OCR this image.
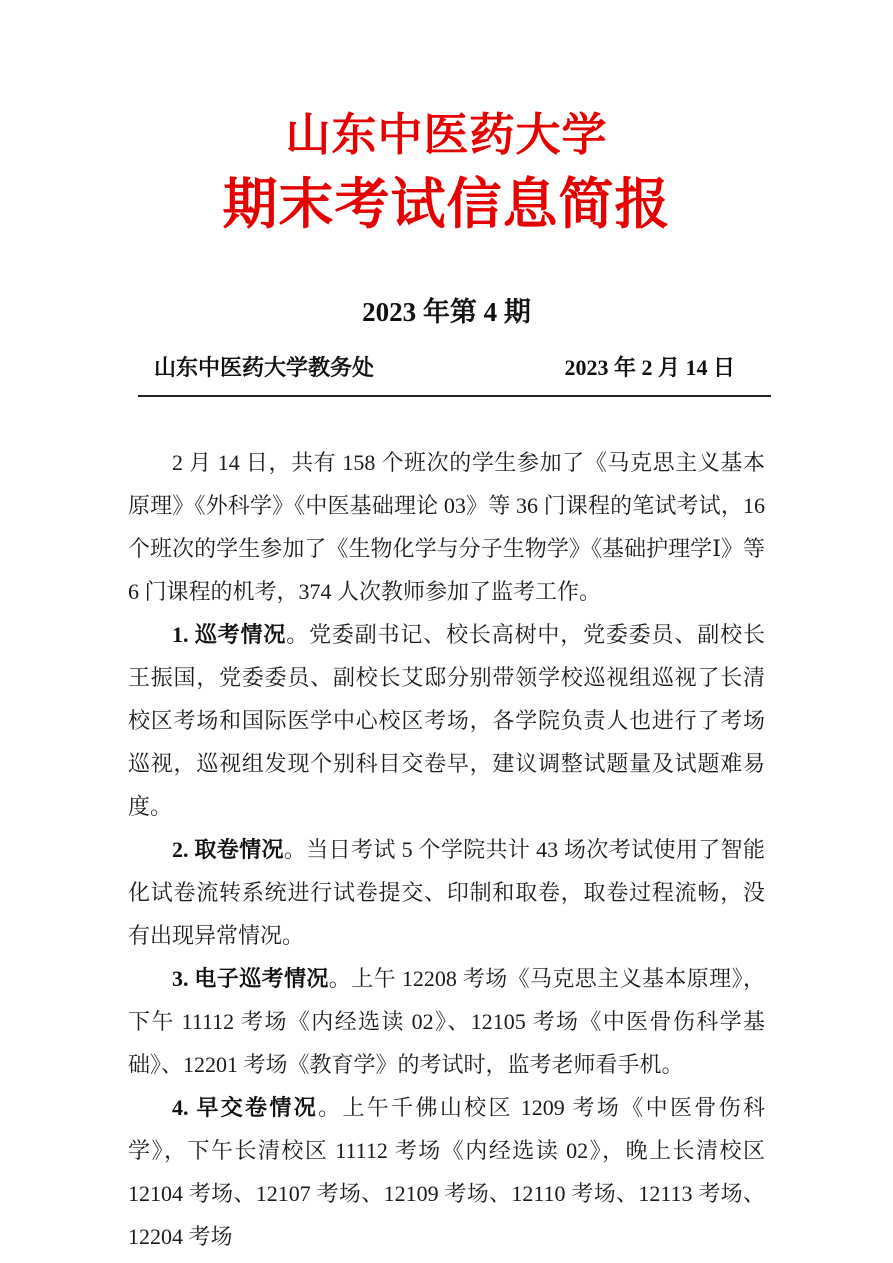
山东中医药大学
期末考试信息简报
2023 年第 4 期
山东中医药大学教务处	2023 年 2 月 14 日

2 月 14 日，共有 158 个班次的学生参加了《马克思主义基本原理》《外科学》《中医基础理论 03》等 36 门课程的笔试考试，16 个班次的学生参加了《生物化学与分子生物学》《基础护理学Ⅰ》等 6 门课程的机考，374 人次教师参加了监考工作。

1. 巡考情况。党委副书记、校长高树中，党委委员、副校长王振国，党委委员、副校长艾邸分别带领学校巡视组巡视了长清校区考场和国际医学中心校区考场，各学院负责人也进行了考场巡视，巡视组发现个别科目交卷早，建议调整试题量及试题难易度。

2. 取卷情况。当日考试 5 个学院共计 43 场次考试使用了智能化试卷流转系统进行试卷提交、印制和取卷，取卷过程流畅，没有出现异常情况。

3. 电子巡考情况。上午 12208 考场《马克思主义基本原理》，下午 11112 考场《内经选读 02》、12105 考场《中医骨伤科学基础》、12201 考场《教育学》的考试时，监考老师看手机。

4. 早交卷情况。上午千佛山校区 1209 考场《中医骨伤科学》，下午长清校区 11112 考场《内经选读 02》，晚上长清校区 12104 考场、12107 考场、12109 考场、12110 考场、12113 考场、12204 考场
